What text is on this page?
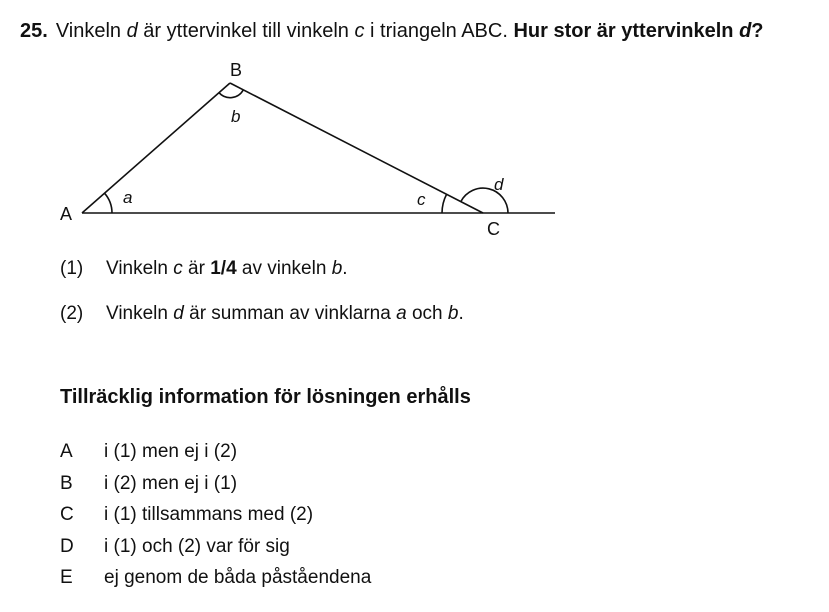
25. Vinkeln d är yttervinkel till vinkeln c i triangeln ABC. Hur stor är yttervinkeln d?
A
B
C
a
b
c
d
(1)	Vinkeln c är 1/4 av vinkeln b.
(2)	Vinkeln d är summan av vinklarna a och b.
Tillräcklig information för lösningen erhålls
A	i (1) men ej i (2)
B	i (2) men ej i (1)
C	i (1) tillsammans med (2)
D	i (1) och (2) var för sig
E	ej genom de båda påståendena
